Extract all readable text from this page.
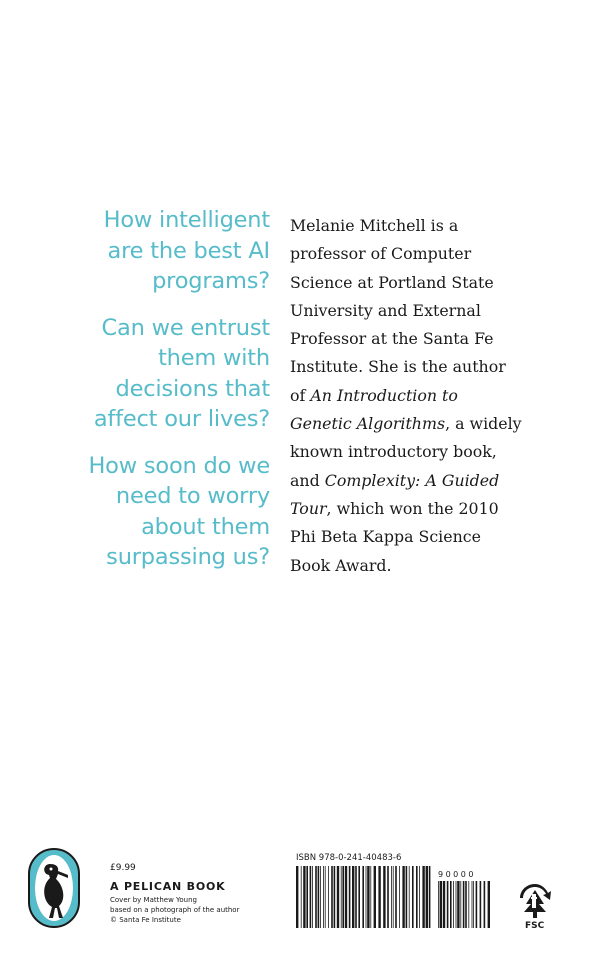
How intelligent
are the best AI
programs?
Can we entrust
them with
decisions that
affect our lives?
How soon do we
need to worry
about them
surpassing us?
Melanie Mitchell is a
professor of Computer
Science at Portland State
University and External
Professor at the Santa Fe
Institute. She is the author
of An Introduction to
Genetic Algorithms, a widely
known introductory book,
and Complexity: A Guided
Tour, which won the 2010
Phi Beta Kappa Science
Book Award.
£9.99
A PELICAN BOOK
Cover by Matthew Young
based on a photograph of the author
© Santa Fe Institute
ISBN 978-0-241-40483-6
90000
FSC
